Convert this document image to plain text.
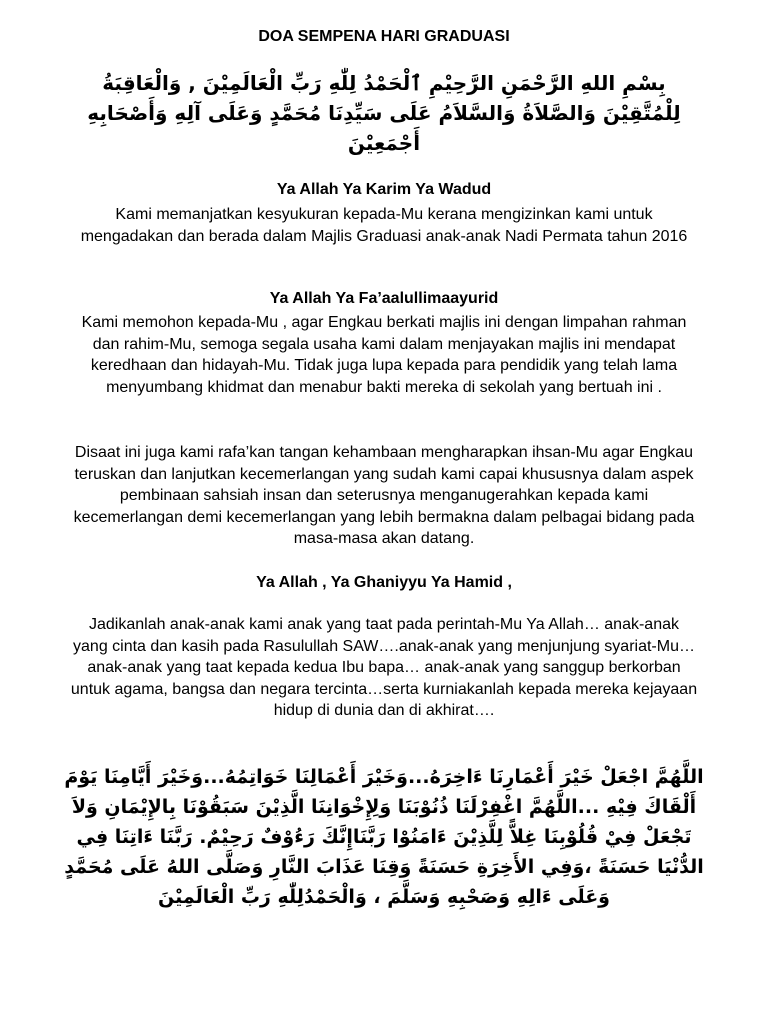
DOA SEMPENA HARI GRADUASI
بِسْمِ اللهِ الرَّحْمَنِ الرَّحِيْمِ ٱلْحَمْدُ لِلّٰهِ رَبِّ الْعَالَمِيْنَ , وَالْعَاقِبَةُ لِلْمُتَّقِيْنَ وَالصَّلاَةُ وَالسَّلاَمُ عَلَى سَيِّدِنَا مُحَمَّدٍ وَعَلَى آلِهِ وَأَصْحَابِهِ أَجْمَعِيْنَ
Ya Allah Ya Karim Ya Wadud
Kami memanjatkan kesyukuran kepada-Mu kerana mengizinkan kami untuk mengadakan dan berada dalam Majlis Graduasi anak-anak Nadi Permata tahun 2016
Ya Allah Ya Fa’aalullimaayurid
Kami memohon kepada-Mu , agar Engkau berkati majlis ini dengan limpahan rahman dan rahim-Mu, semoga segala usaha kami dalam menjayakan majlis ini mendapat keredhaan dan hidayah-Mu. Tidak juga lupa kepada para pendidik yang telah lama menyumbang khidmat dan menabur bakti mereka di sekolah yang bertuah ini .
Disaat ini juga kami rafa’kan tangan kehambaan mengharapkan ihsan-Mu agar Engkau teruskan dan lanjutkan kecemerlangan yang sudah kami capai khususnya dalam aspek pembinaan sahsiah insan dan seterusnya menganugerahkan kepada kami kecemerlangan demi kecemerlangan yang lebih bermakna dalam pelbagai bidang pada masa-masa akan datang.
Ya Allah , Ya Ghaniyyu Ya Hamid ,
Jadikanlah anak-anak kami anak yang taat pada perintah-Mu Ya Allah… anak-anak yang cinta dan kasih pada Rasulullah SAW….anak-anak yang menjunjung syariat-Mu…anak-anak yang taat kepada kedua Ibu bapa… anak-anak yang sanggup berkorban untuk agama, bangsa dan negara tercinta…serta kurniakanlah kepada mereka kejayaan hidup di dunia dan di akhirat….
اللَّهُمَّ اجْعَلْ خَيْرَ أَعْمَارِنَا ءَاخِرَهُ...وَخَيْرَ أَعْمَالِنَا خَوَاتِمُهُ...وَخَيْرَ أَيَّامِنَا يَوْمَ أَلْقَاكَ فِيْهِ ...اللَّهُمَّ اغْفِرْلَنَا ذُنُوْبَنَا وَلِإِخْوَانِنَا الَّذِيْنَ سَبَقُوْنَا بِالإِيْمَانِ وَلاَ تَجْعَلْ فِيْ قُلُوْبِنَا غِلاًّ لِلَّذِيْنَ ءَامَنُوْا رَبَّنَاإِنَّكَ رَءُوْفٌ رَحِيْمٌ. رَبَّنَا ءَاتِنَا فِي الدُّنْيَا حَسَنَةً ،وَفِي الأَخِرَةِ حَسَنَةً وَقِنَا عَذَابَ النَّارِ وَصَلَّى اللهُ عَلَى مُحَمَّدٍ وَعَلَى ءَالِهِ وَصَحْبِهِ وَسَلَّمَ ، وَالْحَمْدُلِلّٰهِ رَبِّ الْعَالَمِيْنَ
